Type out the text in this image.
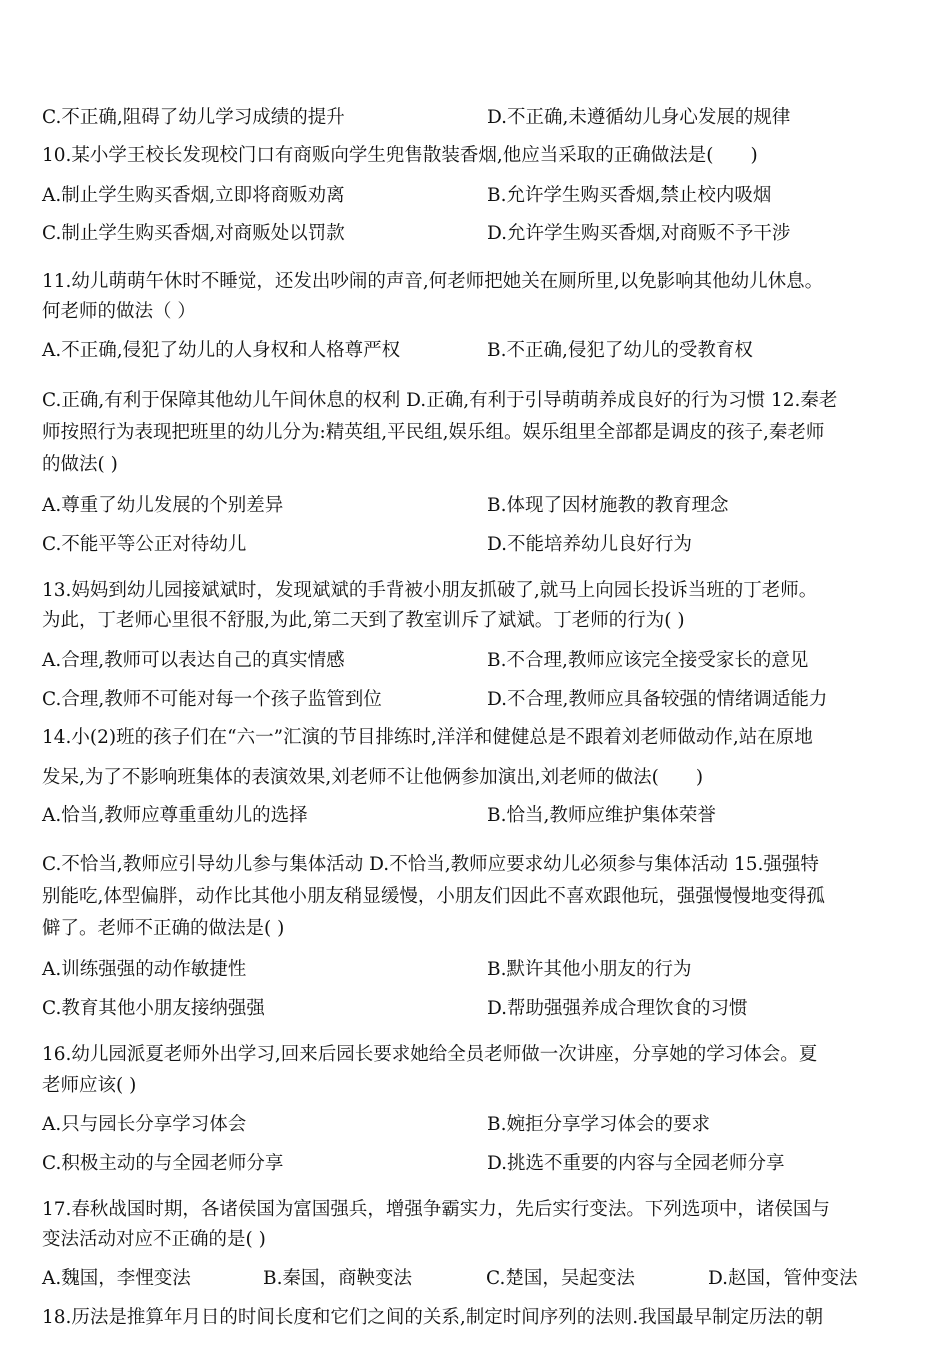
C.不正确,阻碍了幼儿学习成绩的提升	D.不正确,未遵循幼儿身心发展的规律
10.某小学王校长发现校门口有商贩向学生兜售散装香烟,他应当采取的正确做法是(　　)
A.制止学生购买香烟,立即将商贩劝离	B.允许学生购买香烟,禁止校内吸烟
C.制止学生购买香烟,对商贩处以罚款	D.允许学生购买香烟,对商贩不予干涉
11.幼儿萌萌午休时不睡觉，还发出吵闹的声音,何老师把她关在厕所里,以免影响其他幼儿休息。
何老师的做法（ ）
A.不正确,侵犯了幼儿的人身权和人格尊严权	B.不正确,侵犯了幼儿的受教育权
C.正确,有利于保障其他幼儿午间休息的权利 D.正确,有利于引导萌萌养成良好的行为习惯 12.秦老
师按照行为表现把班里的幼儿分为:精英组,平民组,娱乐组。娱乐组里全部都是调皮的孩子,秦老师
的做法( )
A.尊重了幼儿发展的个别差异	B.体现了因材施教的教育理念
C.不能平等公正对待幼儿	D.不能培养幼儿良好行为
13.妈妈到幼儿园接斌斌时，发现斌斌的手背被小朋友抓破了,就马上向园长投诉当班的丁老师。
为此，丁老师心里很不舒服,为此,第二天到了教室训斥了斌斌。丁老师的行为( )
A.合理,教师可以表达自己的真实情感	B.不合理,教师应该完全接受家长的意见
C.合理,教师不可能对每一个孩子监管到位	D.不合理,教师应具备较强的情绪调适能力
14.小(2)班的孩子们在“六一”汇演的节目排练时,洋洋和健健总是不跟着刘老师做动作,站在原地
发呆,为了不影响班集体的表演效果,刘老师不让他俩参加演出,刘老师的做法(　　)
A.恰当,教师应尊重重幼儿的选择	B.恰当,教师应维护集体荣誉
C.不恰当,教师应引导幼儿参与集体活动 D.不恰当,教师应要求幼儿必须参与集体活动 15.强强特
别能吃,体型偏胖，动作比其他小朋友稍显缓慢，小朋友们因此不喜欢跟他玩，强强慢慢地变得孤
僻了。老师不正确的做法是( )
A.训练强强的动作敏捷性	B.默许其他小朋友的行为
C.教育其他小朋友接纳强强	D.帮助强强养成合理饮食的习惯
16.幼儿园派夏老师外出学习,回来后园长要求她给全员老师做一次讲座，分享她的学习体会。夏
老师应该( )
A.只与园长分享学习体会	B.婉拒分享学习体会的要求
C.积极主动的与全园老师分享	D.挑选不重要的内容与全园老师分享
17.春秋战国时期，各诸侯国为富国强兵，增强争霸实力，先后实行变法。下列选项中，诸侯国与
变法活动对应不正确的是( )
A.魏国，李悝变法	B.秦国，商鞅变法	C.楚国，吴起变法	D.赵国，管仲变法
18.历法是推算年月日的时间长度和它们之间的关系,制定时间序列的法则.我国最早制定历法的朝
